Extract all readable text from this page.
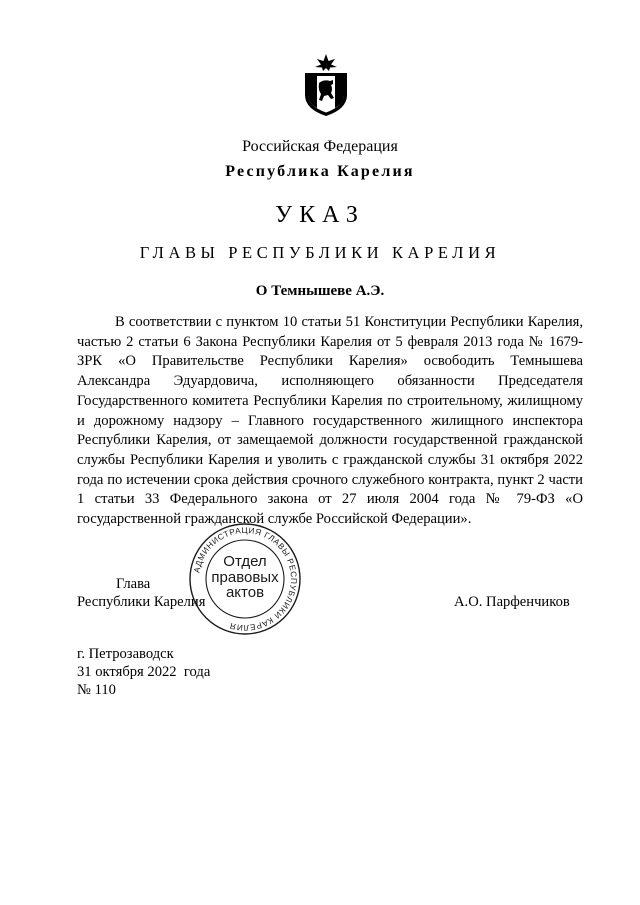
Российская Федерация
Республика Карелия
УКАЗ
ГЛАВЫ РЕСПУБЛИКИ КАРЕЛИЯ
О Темнышеве А.Э.

В соответствии с пунктом 10 статьи 51 Конституции Республики Карелия, частью 2 статьи 6 Закона Республики Карелия от 5 февраля 2013 года № 1679-ЗРК «О Правительстве Республики Карелия» освободить Темнышева Александра Эдуардовича, исполняющего обязанности Председателя Государственного комитета Республики Карелия по строительному, жилищному и дорожному надзору – Главного государственного жилищного инспектора Республики Карелия, от замещаемой должности государственной гражданской службы Республики Карелия и уволить с гражданской службы 31 октября 2022 года по истечении срока действия срочного служебного контракта, пункт 2 части 1 статьи 33 Федерального закона от 27 июля 2004 года № 79-ФЗ «О государственной гражданской службе Российской Федерации».

АДМИНИСТРАЦИЯ ГЛАВЫ РЕСПУБЛИКИ КАРЕЛИЯ
Отдел
правовых
актов
Глава
Республики Карелия	А.О. Парфенчиков
г. Петрозаводск
31 октября 2022  года
№ 110
